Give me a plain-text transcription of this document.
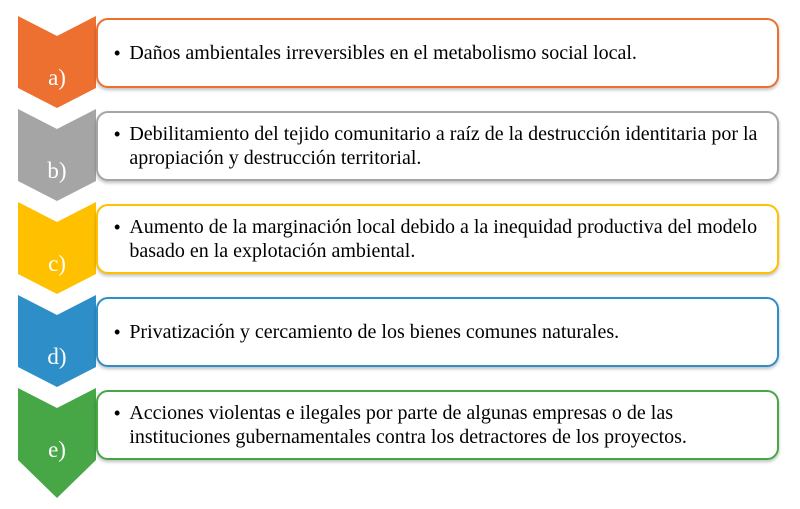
a)
• Daños ambientales irreversibles en el metabolismo social local.
b)
• Debilitamiento del tejido comunitario a raíz de la destrucción identitaria por la apropiación y destrucción territorial.
c)
• Aumento de la marginación local debido a la inequidad productiva del modelo basado en la explotación ambiental.
d)
• Privatización y cercamiento de los bienes comunes naturales.
e)
• Acciones violentas e ilegales por parte de algunas empresas o de las instituciones gubernamentales contra los detractores de los proyectos.
